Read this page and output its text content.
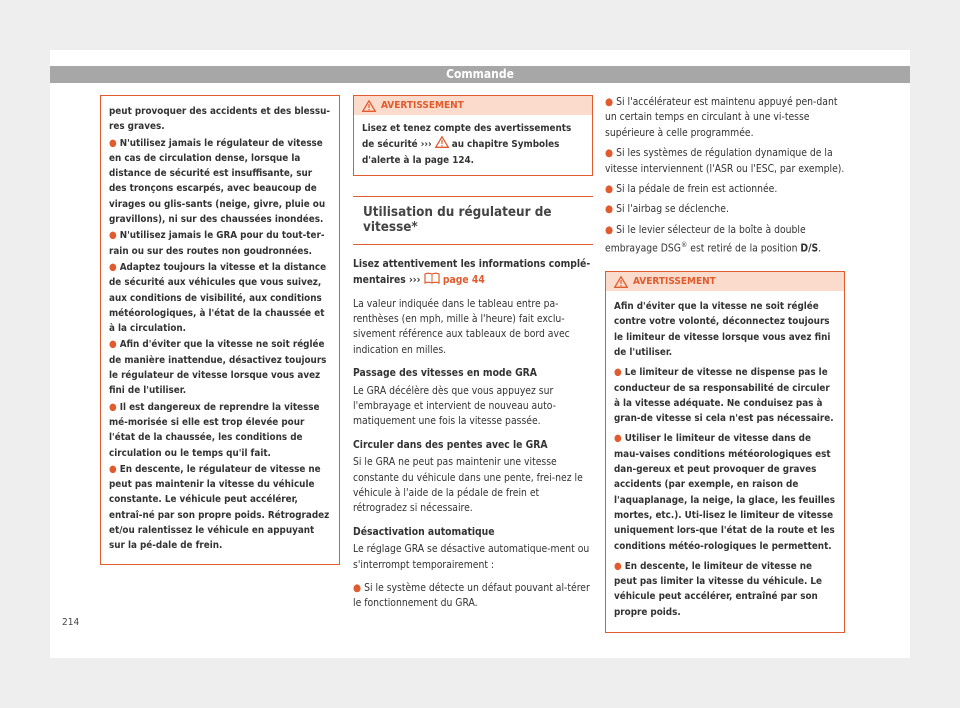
Commande

peut provoquer des accidents et des blessu-res graves.

● N'utilisez jamais le régulateur de vitesse en cas de circulation dense, lorsque la distance de sécurité est insuffisante, sur des tronçons escarpés, avec beaucoup de virages ou glis-sants (neige, givre, pluie ou gravillons), ni sur des chaussées inondées.

● N'utilisez jamais le GRA pour du tout-ter-rain ou sur des routes non goudronnées.

● Adaptez toujours la vitesse et la distance de sécurité aux véhicules que vous suivez, aux conditions de visibilité, aux conditions météorologiques, à l'état de la chaussée et à la circulation.

● Afin d'éviter que la vitesse ne soit réglée de manière inattendue, désactivez toujours le régulateur de vitesse lorsque vous avez fini de l'utiliser.

● Il est dangereux de reprendre la vitesse mé-morisée si elle est trop élevée pour l'état de la chaussée, les conditions de circulation ou le temps qu'il fait.

● En descente, le régulateur de vitesse ne peut pas maintenir la vitesse du véhicule constante. Le véhicule peut accélérer, entraî-né par son propre poids. Rétrogradez et/ou ralentissez le véhicule en appuyant sur la pé-dale de frein.

AVERTISSEMENT
Lisez et tenez compte des avertissements de sécurité ››› au chapitre Symboles d'alerte à la page 124.
Utilisation du régulateur de vitesse*

Lisez attentivement les informations complé-mentaires ››› page 44

La valeur indiquée dans le tableau entre pa-renthèses (en mph, mille à l'heure) fait exclu-sivement référence aux tableaux de bord avec indication en milles.

Passage des vitesses en mode GRA

Le GRA décélère dès que vous appuyez sur l'embrayage et intervient de nouveau auto-matiquement une fois la vitesse passée.

Circuler dans des pentes avec le GRA

Si le GRA ne peut pas maintenir une vitesse constante du véhicule dans une pente, frei-nez le véhicule à l'aide de la pédale de frein et rétrogradez si nécessaire.

Désactivation automatique

Le réglage GRA se désactive automatique-ment ou s'interrompt temporairement :

● Si le système détecte un défaut pouvant al-térer le fonctionnement du GRA.

● Si l'accélérateur est maintenu appuyé pen-dant un certain temps en circulant à une vi-tesse supérieure à celle programmée.

● Si les systèmes de régulation dynamique de la vitesse interviennent (l'ASR ou l'ESC, par exemple).

● Si la pédale de frein est actionnée.

● Si l'airbag se déclenche.

● Si le levier sélecteur de la boîte à double embrayage DSG® est retiré de la position D/S.

AVERTISSEMENT

Afin d'éviter que la vitesse ne soit réglée contre votre volonté, déconnectez toujours le limiteur de vitesse lorsque vous avez fini de l'utiliser.

● Le limiteur de vitesse ne dispense pas le conducteur de sa responsabilité de circuler à la vitesse adéquate. Ne conduisez pas à gran-de vitesse si cela n'est pas nécessaire.

● Utiliser le limiteur de vitesse dans de mau-vaises conditions météorologiques est dan-gereux et peut provoquer de graves accidents (par exemple, en raison de l'aquaplanage, la neige, la glace, les feuilles mortes, etc.). Uti-lisez le limiteur de vitesse uniquement lors-que l'état de la route et les conditions météo-rologiques le permettent.

● En descente, le limiteur de vitesse ne peut pas limiter la vitesse du véhicule. Le véhicule peut accélérer, entraîné par son propre poids.

214
